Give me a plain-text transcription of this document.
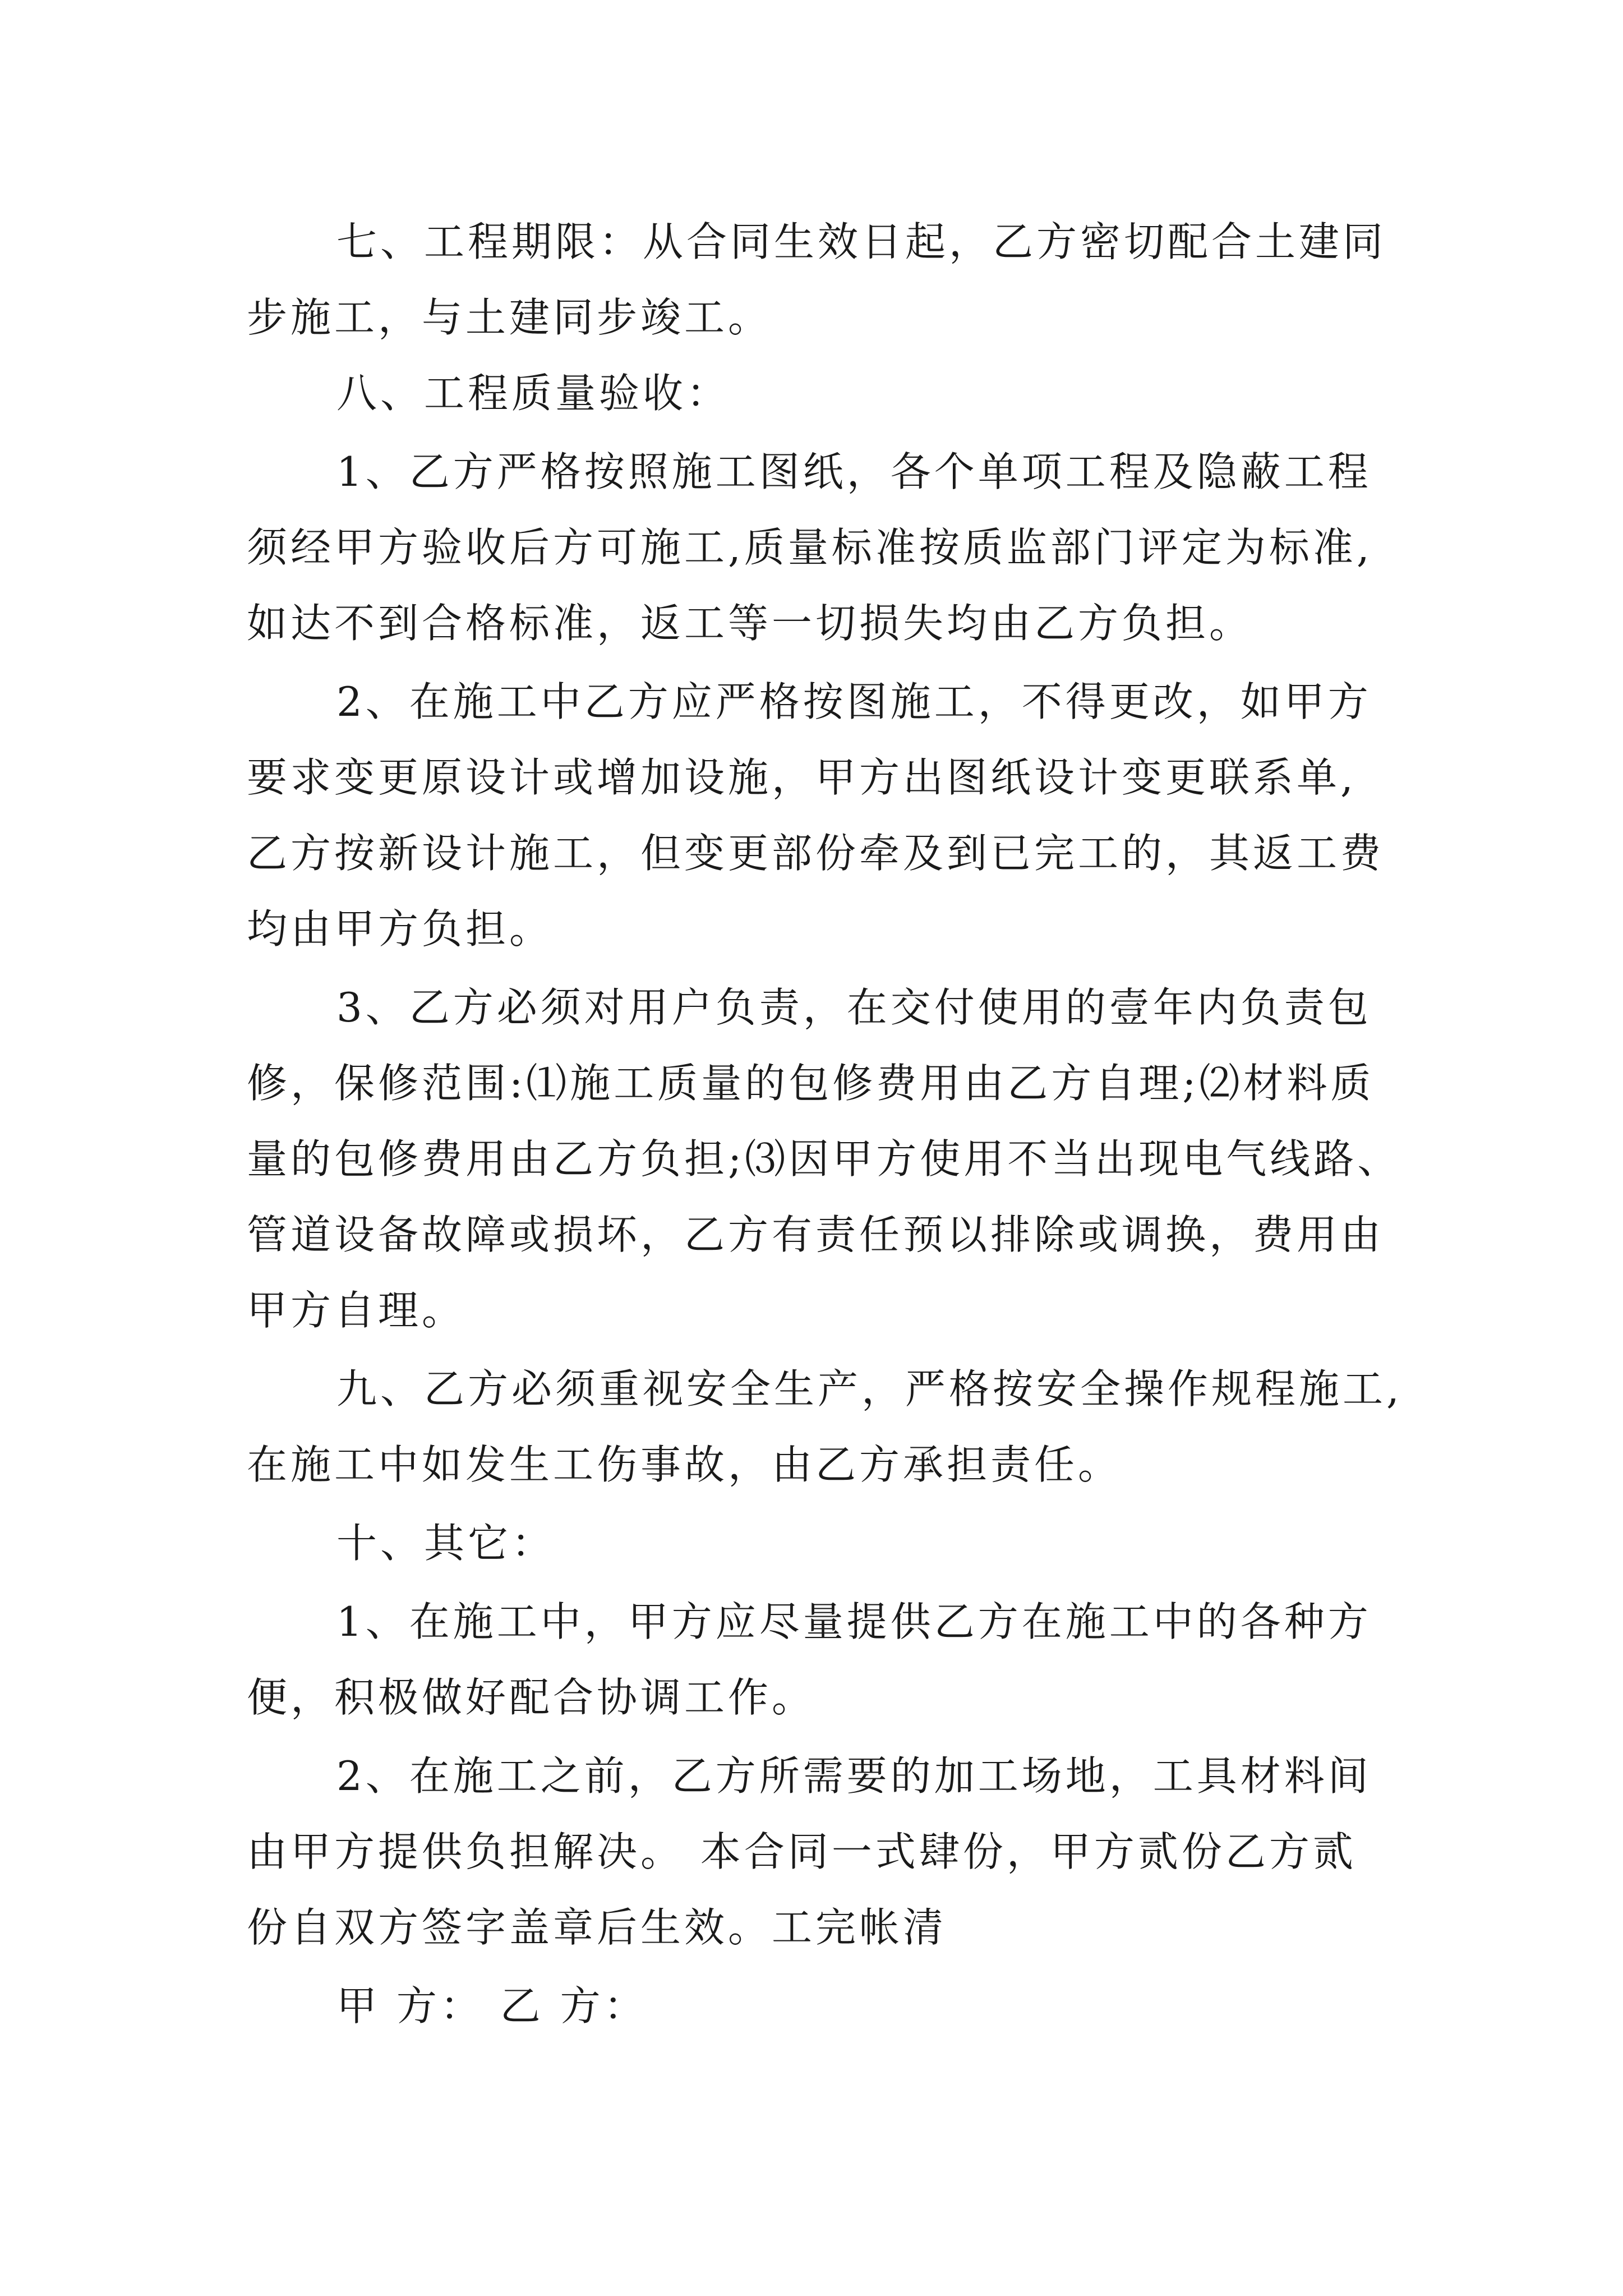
七、工程期限：从合同生效日起，乙方密切配合土建同
步施工，与土建同步竣工。
八、工程质量验收：
1、乙方严格按照施工图纸，各个单项工程及隐蔽工程
须经甲方验收后方可施工,质量标准按质监部门评定为标准,
如达不到合格标准，返工等一切损失均由乙方负担。
2、在施工中乙方应严格按图施工，不得更改，如甲方
要求变更原设计或增加设施，甲方出图纸设计变更联系单,
乙方按新设计施工，但变更部份牵及到已完工的，其返工费
均由甲方负担。
3、乙方必须对用户负责，在交付使用的壹年内负责包
修，保修范围:⑴施工质量的包修费用由乙方自理;⑵材料质
量的包修费用由乙方负担;⑶因甲方使用不当出现电气线路、
管道设备故障或损坏，乙方有责任预以排除或调换，费用由
甲方自理。
九、乙方必须重视安全生产，严格按安全操作规程施工,
在施工中如发生工伤事故，由乙方承担责任。
十、其它：
1、在施工中，甲方应尽量提供乙方在施工中的各种方
便，积极做好配合协调工作。
2、在施工之前，乙方所需要的加工场地，工具材料间
由甲方提供负担解决。 本合同一式肆份，甲方贰份乙方贰
份自双方签字盖章后生效。工完帐清
甲 方： 乙 方：
